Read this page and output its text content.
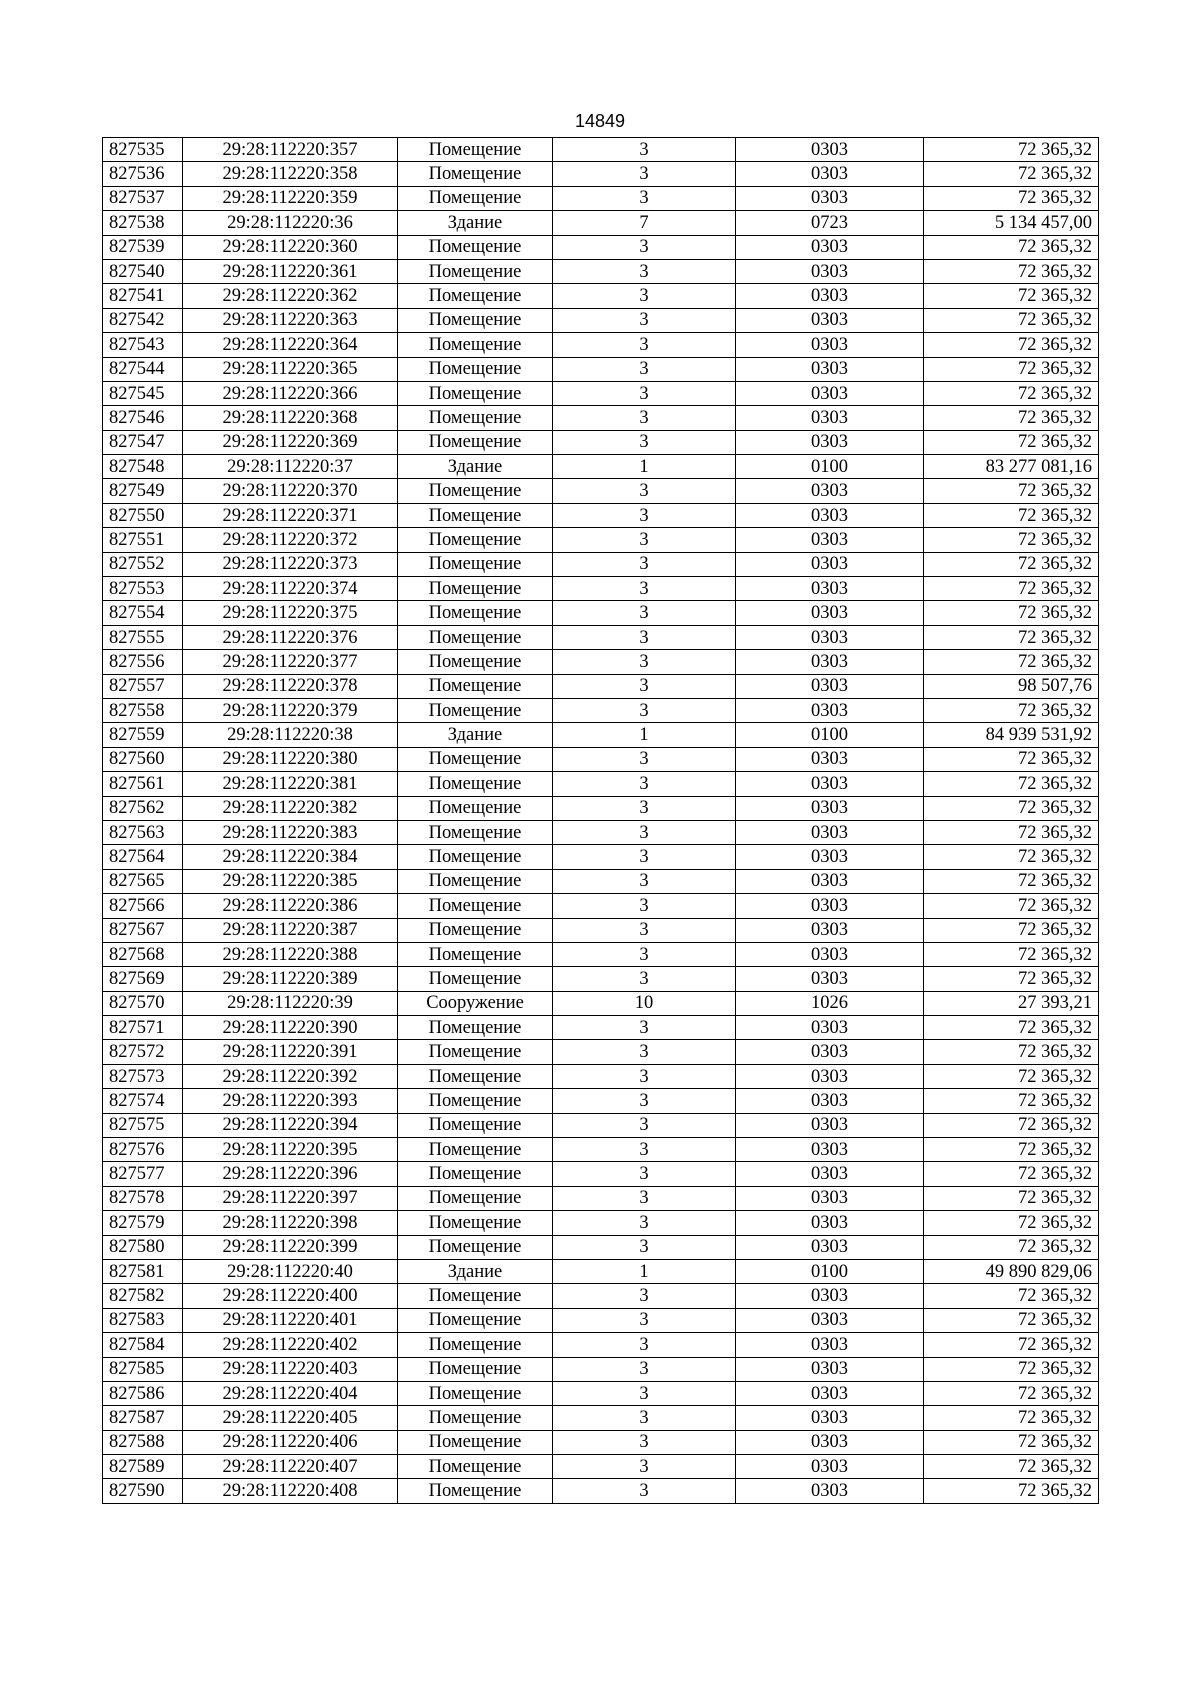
14849
827535	29:28:112220:357	Помещение	3	0303	72 365,32
827536	29:28:112220:358	Помещение	3	0303	72 365,32
827537	29:28:112220:359	Помещение	3	0303	72 365,32
827538	29:28:112220:36	Здание	7	0723	5 134 457,00
827539	29:28:112220:360	Помещение	3	0303	72 365,32
827540	29:28:112220:361	Помещение	3	0303	72 365,32
827541	29:28:112220:362	Помещение	3	0303	72 365,32
827542	29:28:112220:363	Помещение	3	0303	72 365,32
827543	29:28:112220:364	Помещение	3	0303	72 365,32
827544	29:28:112220:365	Помещение	3	0303	72 365,32
827545	29:28:112220:366	Помещение	3	0303	72 365,32
827546	29:28:112220:368	Помещение	3	0303	72 365,32
827547	29:28:112220:369	Помещение	3	0303	72 365,32
827548	29:28:112220:37	Здание	1	0100	83 277 081,16
827549	29:28:112220:370	Помещение	3	0303	72 365,32
827550	29:28:112220:371	Помещение	3	0303	72 365,32
827551	29:28:112220:372	Помещение	3	0303	72 365,32
827552	29:28:112220:373	Помещение	3	0303	72 365,32
827553	29:28:112220:374	Помещение	3	0303	72 365,32
827554	29:28:112220:375	Помещение	3	0303	72 365,32
827555	29:28:112220:376	Помещение	3	0303	72 365,32
827556	29:28:112220:377	Помещение	3	0303	72 365,32
827557	29:28:112220:378	Помещение	3	0303	98 507,76
827558	29:28:112220:379	Помещение	3	0303	72 365,32
827559	29:28:112220:38	Здание	1	0100	84 939 531,92
827560	29:28:112220:380	Помещение	3	0303	72 365,32
827561	29:28:112220:381	Помещение	3	0303	72 365,32
827562	29:28:112220:382	Помещение	3	0303	72 365,32
827563	29:28:112220:383	Помещение	3	0303	72 365,32
827564	29:28:112220:384	Помещение	3	0303	72 365,32
827565	29:28:112220:385	Помещение	3	0303	72 365,32
827566	29:28:112220:386	Помещение	3	0303	72 365,32
827567	29:28:112220:387	Помещение	3	0303	72 365,32
827568	29:28:112220:388	Помещение	3	0303	72 365,32
827569	29:28:112220:389	Помещение	3	0303	72 365,32
827570	29:28:112220:39	Сооружение	10	1026	27 393,21
827571	29:28:112220:390	Помещение	3	0303	72 365,32
827572	29:28:112220:391	Помещение	3	0303	72 365,32
827573	29:28:112220:392	Помещение	3	0303	72 365,32
827574	29:28:112220:393	Помещение	3	0303	72 365,32
827575	29:28:112220:394	Помещение	3	0303	72 365,32
827576	29:28:112220:395	Помещение	3	0303	72 365,32
827577	29:28:112220:396	Помещение	3	0303	72 365,32
827578	29:28:112220:397	Помещение	3	0303	72 365,32
827579	29:28:112220:398	Помещение	3	0303	72 365,32
827580	29:28:112220:399	Помещение	3	0303	72 365,32
827581	29:28:112220:40	Здание	1	0100	49 890 829,06
827582	29:28:112220:400	Помещение	3	0303	72 365,32
827583	29:28:112220:401	Помещение	3	0303	72 365,32
827584	29:28:112220:402	Помещение	3	0303	72 365,32
827585	29:28:112220:403	Помещение	3	0303	72 365,32
827586	29:28:112220:404	Помещение	3	0303	72 365,32
827587	29:28:112220:405	Помещение	3	0303	72 365,32
827588	29:28:112220:406	Помещение	3	0303	72 365,32
827589	29:28:112220:407	Помещение	3	0303	72 365,32
827590	29:28:112220:408	Помещение	3	0303	72 365,32
